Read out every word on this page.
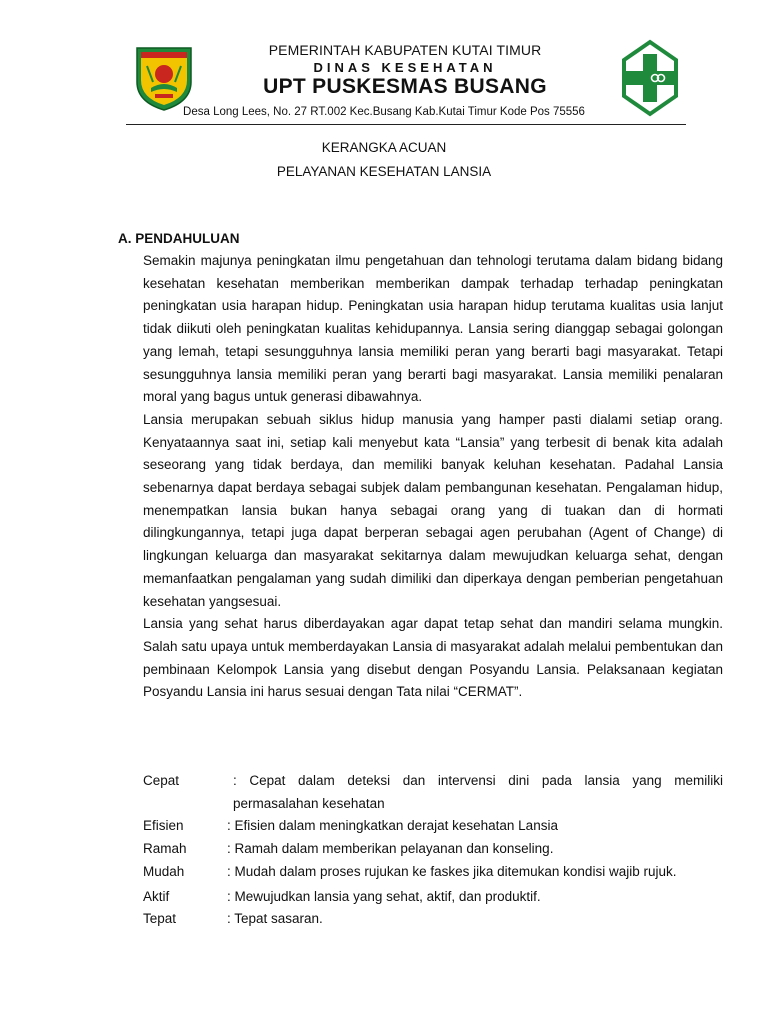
PEMERINTAH KABUPATEN KUTAI TIMUR
DINAS KESEHATAN
UPT PUSKESMAS BUSANG
Desa Long Lees, No. 27 RT.002 Kec.Busang Kab.Kutai Timur Kode Pos 75556
KERANGKA ACUAN
PELAYANAN KESEHATAN LANSIA
A. PENDAHULUAN

Semakin majunya peningkatan ilmu pengetahuan dan tehnologi terutama dalam bidang bidang kesehatan kesehatan memberikan memberikan dampak terhadap terhadap peningkatan peningkatan usia harapan hidup. Peningkatan usia harapan hidup terutama kualitas usia lanjut tidak diikuti oleh peningkatan kualitas kehidupannya. Lansia sering dianggap sebagai golongan yang lemah, tetapi sesungguhnya lansia memiliki peran yang berarti bagi masyarakat. Tetapi sesungguhnya lansia memiliki peran yang berarti bagi masyarakat. Lansia memiliki penalaran moral yang bagus untuk generasi dibawahnya.

Lansia merupakan sebuah siklus hidup manusia yang hamper pasti dialami setiap orang. Kenyataannya saat ini, setiap kali menyebut kata “Lansia” yang terbesit di benak kita adalah seseorang yang tidak berdaya, dan memiliki banyak keluhan kesehatan. Padahal Lansia sebenarnya dapat berdaya sebagai subjek dalam pembangunan kesehatan. Pengalaman hidup, menempatkan lansia bukan hanya sebagai orang yang di tuakan dan di hormati dilingkungannya, tetapi juga dapat berperan sebagai agen perubahan (Agent of Change) di lingkungan keluarga dan masyarakat sekitarnya dalam mewujudkan keluarga sehat, dengan memanfaatkan pengalaman yang sudah dimiliki dan diperkaya dengan pemberian pengetahuan kesehatan yangsesuai.

Lansia yang sehat harus diberdayakan agar dapat tetap sehat dan mandiri selama mungkin. Salah satu upaya untuk memberdayakan Lansia di masyarakat adalah melalui pembentukan dan pembinaan Kelompok Lansia yang disebut dengan Posyandu Lansia. Pelaksanaan kegiatan Posyandu Lansia ini harus sesuai dengan Tata nilai “CERMAT”.

Cepat	: Cepat dalam deteksi dan intervensi dini pada lansia yang memiliki permasalahan kesehatan
Efisien	: Efisien dalam meningkatkan derajat kesehatan Lansia
Ramah	: Ramah dalam memberikan pelayanan dan konseling.
Mudah	: Mudah dalam proses rujukan ke faskes jika ditemukan kondisi wajib rujuk.
Aktif	: Mewujudkan lansia yang sehat, aktif, dan produktif.
Tepat	: Tepat sasaran.
